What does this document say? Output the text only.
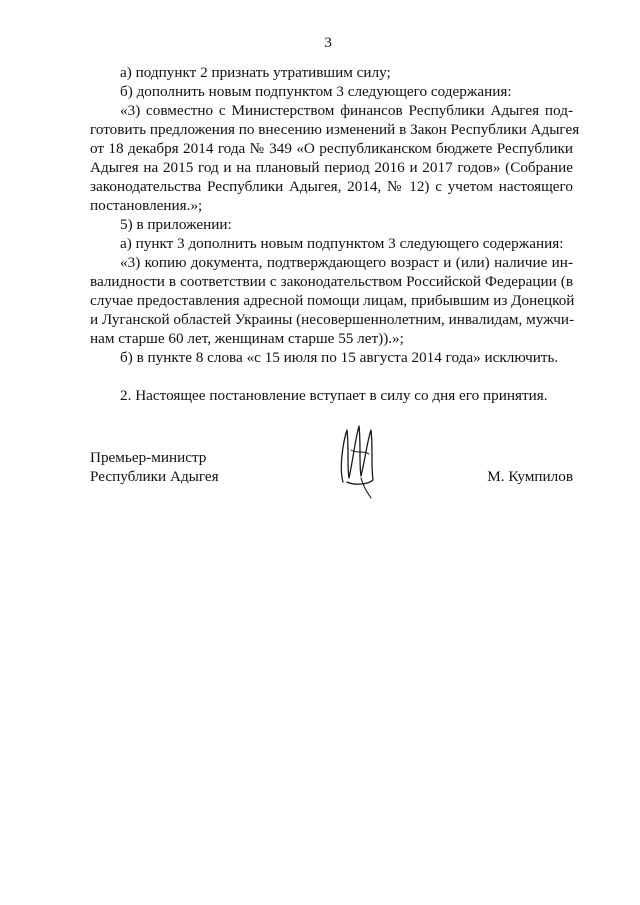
3
а) подпункт 2 признать утратившим силу;
б) дополнить новым подпунктом 3 следующего содержания:
«3) совместно с Министерством финансов Республики Адыгея под-
готовить предложения по внесению изменений в Закон Республики Адыгея
от 18 декабря 2014 года № 349 «О республиканском бюджете Республики
Адыгея на 2015 год и на плановый период 2016 и 2017 годов» (Собрание
законодательства Республики Адыгея, 2014, № 12) с учетом настоящего
постановления.»;
5) в приложении:
а) пункт 3 дополнить новым подпунктом 3 следующего содержания:
«3) копию документа, подтверждающего возраст и (или) наличие ин-
валидности в соответствии с законодательством Российской Федерации (в
случае предоставления адресной помощи лицам, прибывшим из Донецкой
и Луганской областей Украины (несовершеннолетним, инвалидам, мужчи-
нам старше 60 лет, женщинам старше 55 лет)).»;
б) в пункте 8 слова «с 15 июля по 15 августа 2014 года» исключить.
2. Настоящее постановление вступает в силу со дня его принятия.
Премьер-министр
Республики Адыгея	М. Кумпилов
